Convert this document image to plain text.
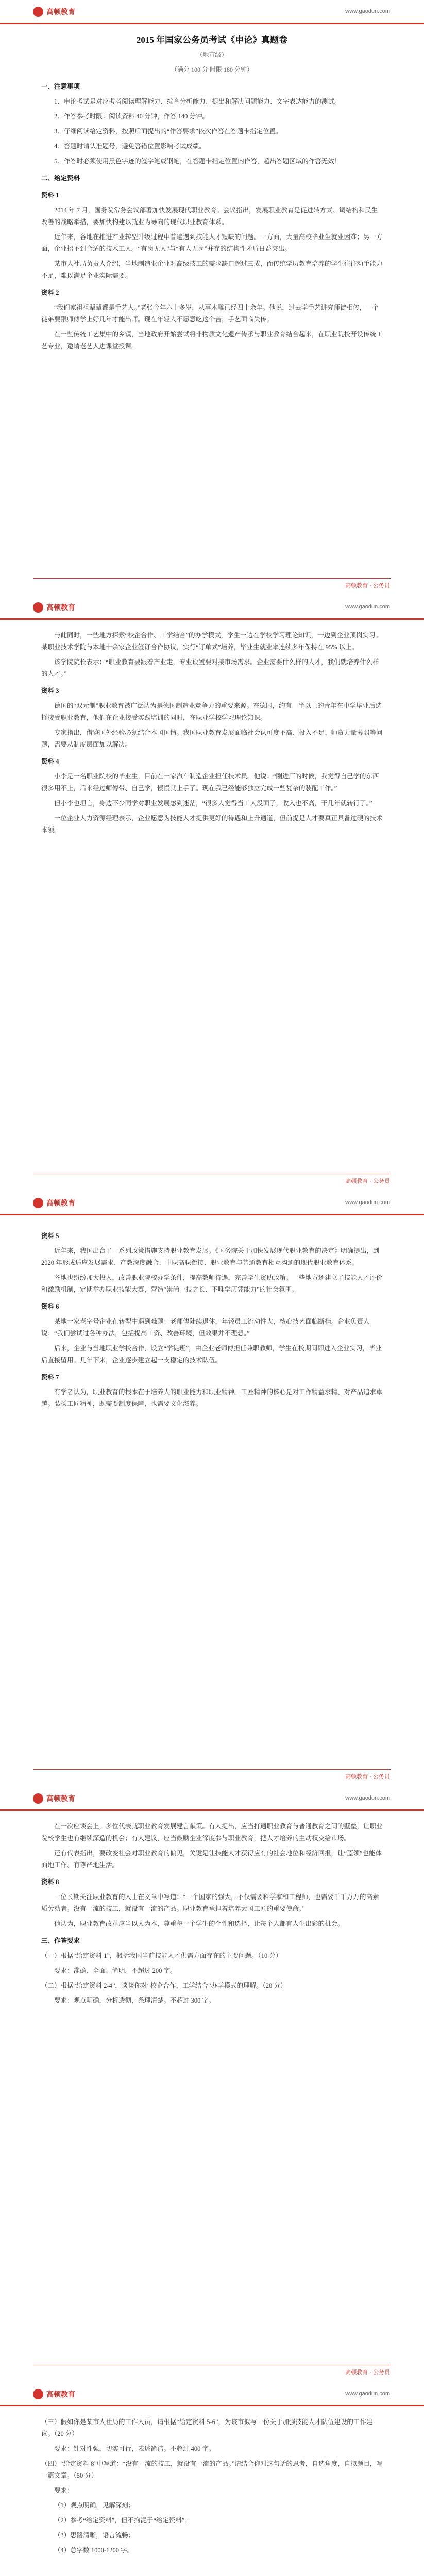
高顿教育	www.gaodun.com

2015 年国家公务员考试《申论》真题卷

（地市级）

（满分 100 分 时限 180 分钟）

一、注意事项

1．申论考试是对应考者阅读理解能力、综合分析能力、提出和解决问题能力、文字表达能力的测试。

2．作答参考时限：阅读资料 40 分钟，作答 140 分钟。

3．仔细阅读给定资料，按照后面提出的“作答要求”依次作答在答题卡指定位置。

4．答题时请认准题号，避免答错位置影响考试成绩。

5．作答时必须使用黑色字迹的签字笔或钢笔，在答题卡指定位置内作答，超出答题区域的作答无效！

二、给定资料

资料 1

2014 年 7 月，国务院常务会议部署加快发展现代职业教育。会议指出，发展职业教育是促进转方式、调结构和民生改善的战略举措，要加快构建以就业为导向的现代职业教育体系。

近年来，各地在推进产业转型升级过程中普遍遇到技能人才短缺的问题。一方面，大量高校毕业生就业困难；另一方面，企业招不到合适的技术工人。“有岗无人”与“有人无岗”并存的结构性矛盾日益突出。

某市人社局负责人介绍，当地制造业企业对高级技工的需求缺口超过三成，而传统学历教育培养的学生往往动手能力不足，难以满足企业实际需要。

资料 2

“我们家祖祖辈辈都是手艺人。”老张今年六十多岁，从事木雕已经四十余年。他说，过去学手艺讲究师徒相传，一个徒弟要跟师傅学上好几年才能出师。现在年轻人不愿意吃这个苦，手艺面临失传。

在一些传统工艺集中的乡镇，当地政府开始尝试将非物质文化遗产传承与职业教育结合起来，在职业院校开设传统工艺专业，邀请老艺人进课堂授课。

高顿教育 · 公务员
高顿教育	www.gaodun.com

与此同时，一些地方探索“校企合作、工学结合”的办学模式，学生一边在学校学习理论知识，一边到企业顶岗实习。某职业技术学院与本地十余家企业签订合作协议，实行“订单式”培养，毕业生就业率连续多年保持在 95% 以上。

该学院院长表示：“职业教育要跟着产业走，专业设置要对接市场需求。企业需要什么样的人才，我们就培养什么样的人才。”

资料 3

德国的“双元制”职业教育被广泛认为是德国制造业竞争力的重要来源。在德国，约有一半以上的青年在中学毕业后选择接受职业教育，他们在企业接受实践培训的同时，在职业学校学习理论知识。

专家指出，借鉴国外经验必须结合本国国情。我国职业教育发展面临社会认可度不高、投入不足、师资力量薄弱等问题，需要从制度层面加以解决。

资料 4

小李是一名职业院校的毕业生，目前在一家汽车制造企业担任技术员。他说：“刚进厂的时候，我觉得自己学的东西很多用不上，后来经过师傅带、自己学，慢慢就上手了。现在我已经能够独立完成一些复杂的装配工作。”

但小李也坦言，身边不少同学对职业发展感到迷茫，“很多人觉得当工人没面子，收入也不高，干几年就转行了。”

一位企业人力资源经理表示，企业愿意为技能人才提供更好的待遇和上升通道，但前提是人才要真正具备过硬的技术本领。

高顿教育 · 公务员
高顿教育	www.gaodun.com

资料 5

近年来，我国出台了一系列政策措施支持职业教育发展。《国务院关于加快发展现代职业教育的决定》明确提出，到 2020 年形成适应发展需求、产教深度融合、中职高职衔接、职业教育与普通教育相互沟通的现代职业教育体系。

各地也纷纷加大投入，改善职业院校办学条件，提高教师待遇，完善学生资助政策。一些地方还建立了技能人才评价和激励机制，定期举办职业技能大赛，营造“崇尚一技之长、不唯学历凭能力”的社会氛围。

资料 6

某地一家老字号企业在转型中遇到难题：老师傅陆续退休，年轻员工流动性大，核心技艺面临断档。企业负责人说：“我们尝试过各种办法，包括提高工资、改善环境，但效果并不理想。”

后来，企业与当地职业学校合作，设立“学徒班”，由企业老师傅担任兼职教师，学生在校期间即进入企业实习，毕业后直接留用。几年下来，企业逐步建立起一支稳定的技术队伍。

资料 7

有学者认为，职业教育的根本在于培养人的职业能力和职业精神。工匠精神的核心是对工作精益求精、对产品追求卓越。弘扬工匠精神，既需要制度保障，也需要文化滋养。

高顿教育 · 公务员
高顿教育	www.gaodun.com

在一次座谈会上，多位代表就职业教育发展建言献策。有人提出，应当打通职业教育与普通教育之间的壁垒，让职业院校学生也有继续深造的机会；有人建议，应当鼓励企业深度参与职业教育，把人才培养的主动权交给市场。

还有代表指出，要改变社会对职业教育的偏见，关键是让技能人才获得应有的社会地位和经济回报，让“蓝领”也能体面地工作、有尊严地生活。

资料 8

一位长期关注职业教育的人士在文章中写道：“一个国家的强大，不仅需要科学家和工程师，也需要千千万万的高素质劳动者。没有一流的技工，就没有一流的产品。职业教育承担着培养大国工匠的重要使命。”

他认为，职业教育改革应当以人为本，尊重每一个学生的个性和选择，让每个人都有人生出彩的机会。

三、作答要求

（一）根据“给定资料 1”，概括我国当前技能人才供需方面存在的主要问题。（10 分）

要求：准确、全面、简明。不超过 200 字。

（二）根据“给定资料 2-4”，谈谈你对“校企合作、工学结合”办学模式的理解。（20 分）

要求：观点明确，分析透彻，条理清楚。不超过 300 字。

高顿教育 · 公务员
高顿教育	www.gaodun.com

（三）假如你是某市人社局的工作人员，请根据“给定资料 5-6”，为该市拟写一份关于加强技能人才队伍建设的工作建议。（20 分）

要求：针对性强，切实可行，表述简洁。不超过 400 字。

（四）“给定资料 8”中写道：“没有一流的技工，就没有一流的产品。”请结合你对这句话的思考，自选角度，自拟题目，写一篇文章。（50 分）

要求：

（1）观点明确，见解深刻；

（2）参考“给定资料”，但不拘泥于“给定资料”；

（3）思路清晰，语言流畅；

（4）总字数 1000-1200 字。
